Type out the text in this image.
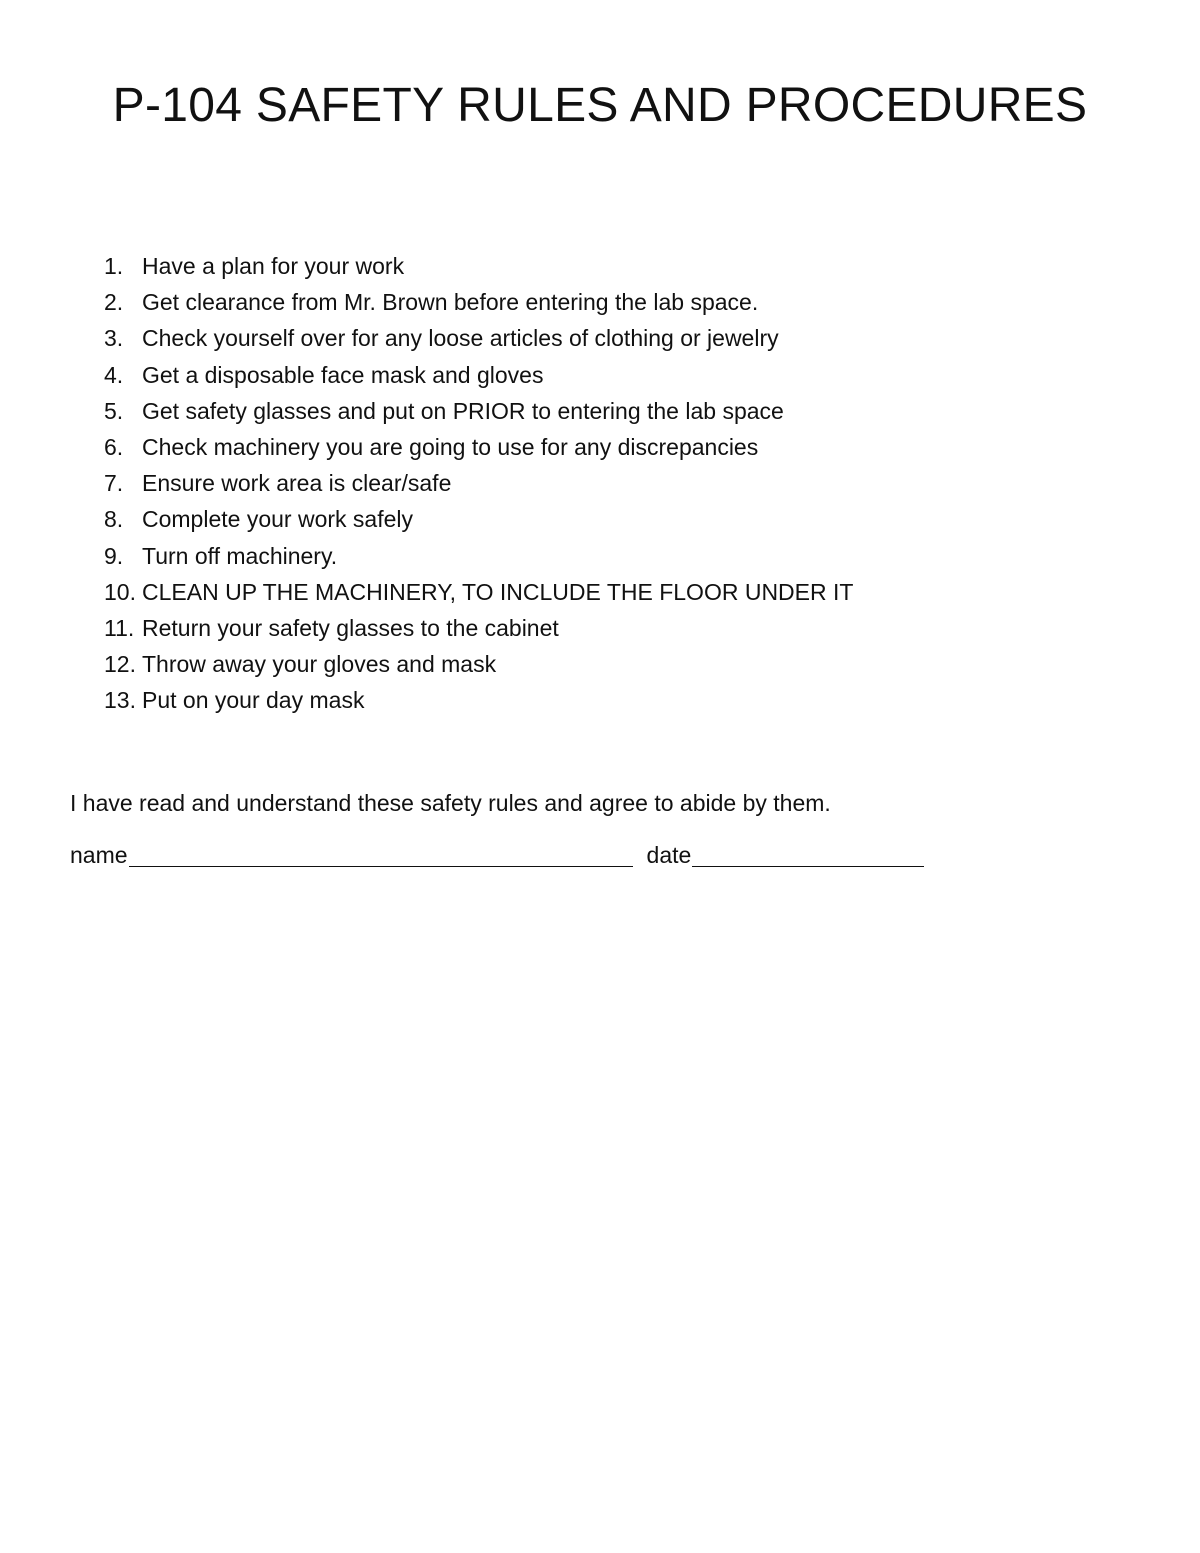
P-104 SAFETY RULES AND PROCEDURES
1. Have a plan for your work
2. Get clearance from Mr. Brown before entering the lab space.
3. Check yourself over for any loose articles of clothing or jewelry
4. Get a disposable face mask and gloves
5. Get safety glasses and put on PRIOR to entering the lab space
6. Check machinery you are going to use for any discrepancies
7. Ensure work area is clear/safe
8. Complete your work safely
9. Turn off machinery.
10. CLEAN UP THE MACHINERY, TO INCLUDE THE FLOOR UNDER IT
11. Return your safety glasses to the cabinet
12. Throw away your gloves and mask
13. Put on your day mask

I have read and understand these safety rules and agree to abide by them.

name	date
